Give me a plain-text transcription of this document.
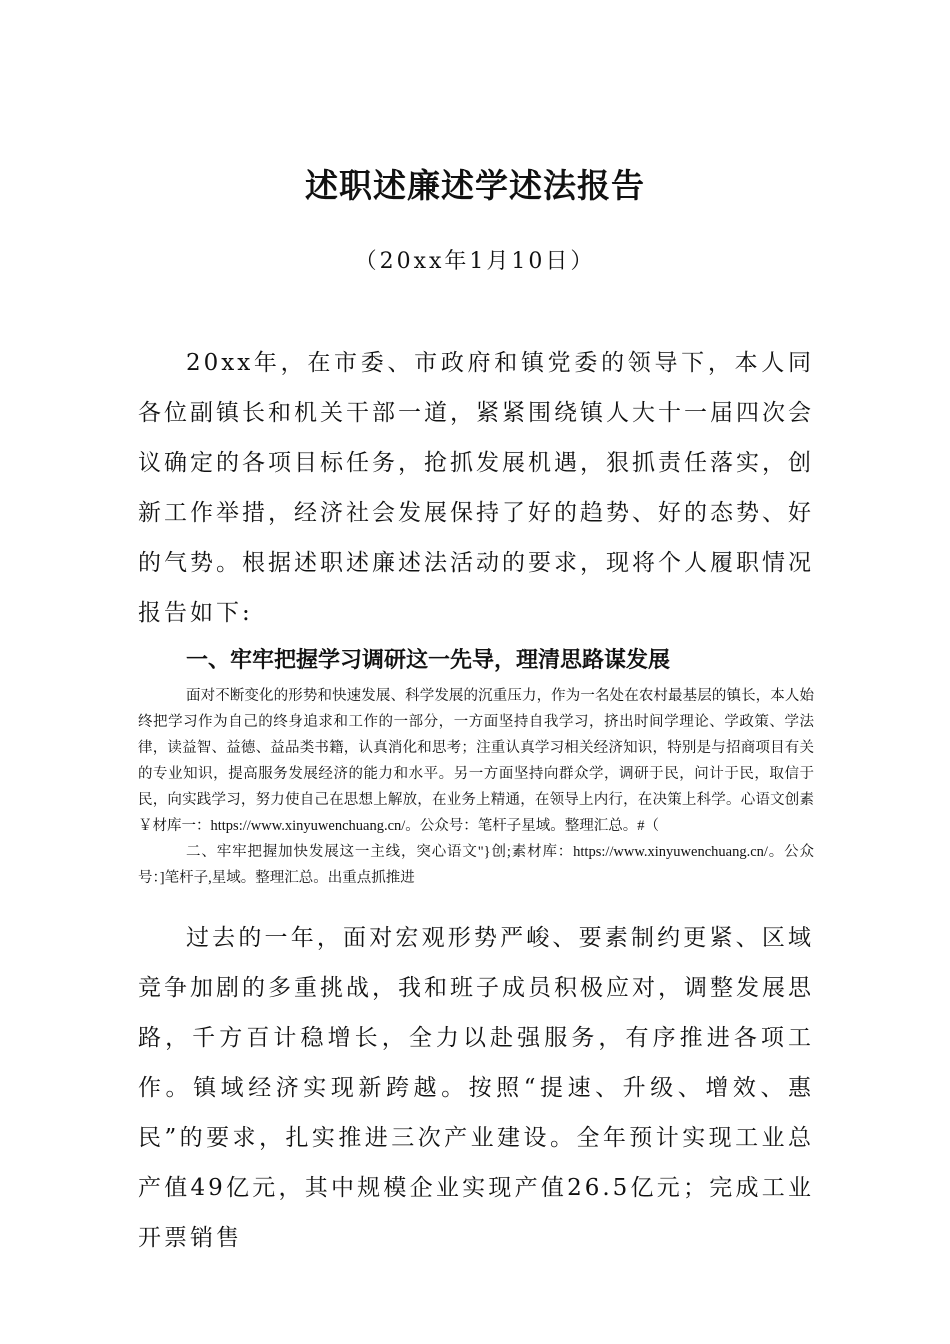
述职述廉述学述法报告
（20xx年1月10日）

20xx年，在市委、市政府和镇党委的领导下，本人同各位副镇长和机关干部一道，紧紧围绕镇人大十一届四次会议确定的各项目标任务，抢抓发展机遇，狠抓责任落实，创新工作举措，经济社会发展保持了好的趋势、好的态势、好的气势。根据述职述廉述法活动的要求，现将个人履职情况报告如下:

一、牢牢把握学习调研这一先导，理清思路谋发展

面对不断变化的形势和快速发展、科学发展的沉重压力，作为一名处在农村最基层的镇长，本人始终把学习作为自己的终身追求和工作的一部分，一方面坚持自我学习，挤出时间学理论、学政策、学法律，读益智、益德、益品类书籍，认真消化和思考；注重认真学习相关经济知识，特别是与招商项目有关的专业知识，提高服务发展经济的能力和水平。另一方面坚持向群众学，调研于民，问计于民，取信于民，向实践学习，努力使自己在思想上解放，在业务上精通，在领导上内行，在决策上科学。心语文创素￥材库一：https://www.xinyuwenchuang.cn/。公众号：笔杆子星域。整理汇总。#（

二、牢牢把握加快发展这一主线，突心语文"}创;素材库：https://www.xinyuwenchuang.cn/。公众号：]笔杆子,星域。整理汇总。出重点抓推进

过去的一年，面对宏观形势严峻、要素制约更紧、区域竞争加剧的多重挑战，我和班子成员积极应对，调整发展思路，千方百计稳增长，全力以赴强服务，有序推进各项工作。镇域经济实现新跨越。按照“提速、升级、增效、惠民”的要求，扎实推进三次产业建设。全年预计实现工业总产值49亿元，其中规模企业实现产值26.5亿元；完成工业开票销售
